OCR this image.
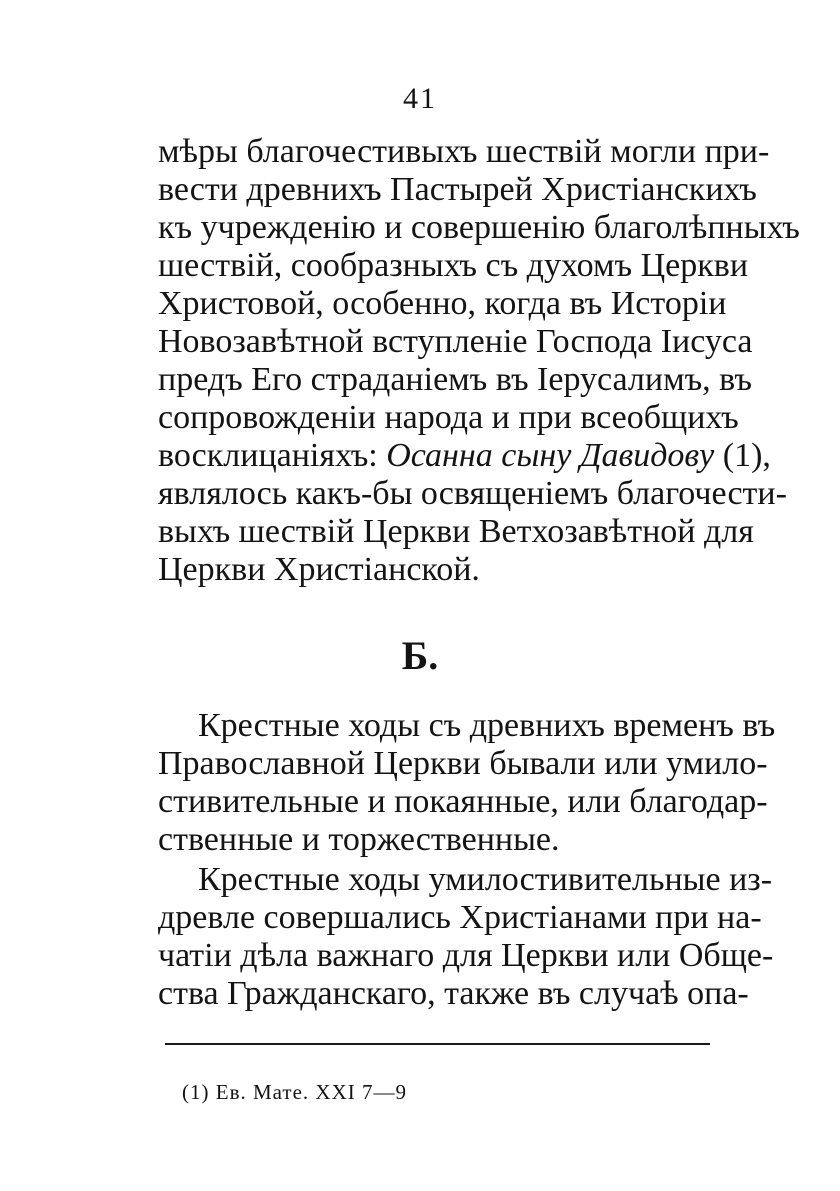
41
мѣры благочестивыхъ шествій могли при-
вести древнихъ Пастырей Христіанскихъ
къ учрежденію и совершенію благолѣпныхъ
шествій, сообразныхъ съ духомъ Церкви
Христовой, особенно, когда въ Исторіи
Новозавѣтной вступленіе Господа Іисуса
предъ Его страданіемъ въ Іерусалимъ, въ
сопровожденіи народа и при всеобщихъ
восклицаніяхъ: Осанна сыну Давидову (1),
являлось какъ-бы освященіемъ благочести-
выхъ шествій Церкви Ветхозавѣтной для
Церкви Христіанской.
Б.
Крестные ходы съ древнихъ временъ въ
Православной Церкви бывали или умило-
стивительные и покаянные, или благодар-
ственные и торжественные.
Крестные ходы умилостивительные из-
древле совершались Христіанами при на-
чатіи дѣла важнаго для Церкви или Обще-
ства Гражданскаго, также въ случаѣ опа-
(1) Ев. Мате. XXI 7—9
